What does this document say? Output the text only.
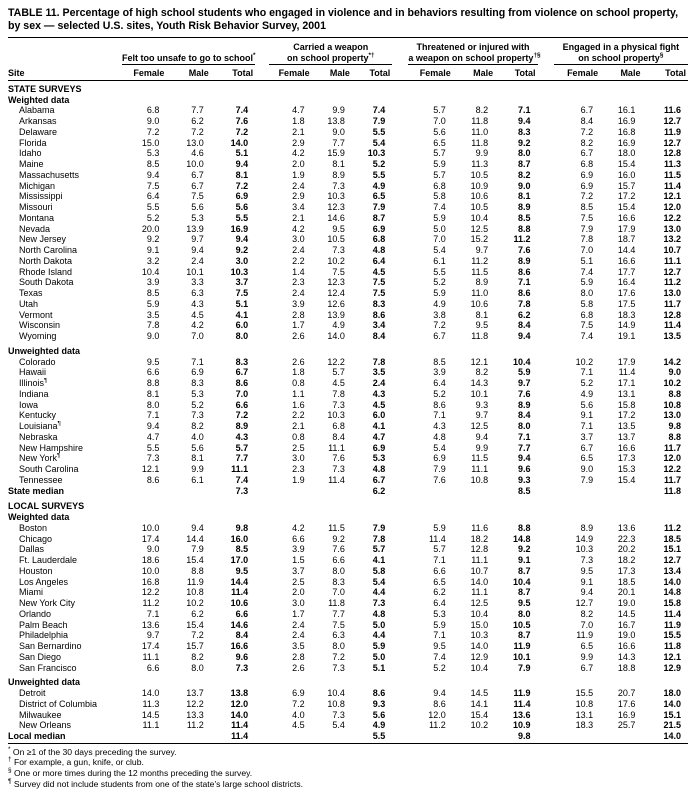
TABLE 11. Percentage of high school students who engaged in violence and in behaviors resulting from violence on school property, by sex — selected U.S. sites, Youth Risk Behavior Survey, 2001
	Felt too unsafe to go to school*				Carried a weapon
on school property*†				Threatened or injured with
a weapon on school property†§				Engaged in a physical fight
on school property§
Site	Female	Male	Total		Female	Male	Total		Female	Male	Total		Female	Male	Total
STATE SURVEYS															
Weighted data															
Alabama	6.8	7.7	7.4		4.7	9.9	7.4		5.7	8.2	7.1		6.7	16.1	11.6
Arkansas	9.0	6.2	7.6		1.8	13.8	7.9		7.0	11.8	9.4		8.4	16.9	12.7
Delaware	7.2	7.2	7.2		2.1	9.0	5.5		5.6	11.0	8.3		7.2	16.8	11.9
Florida	15.0	13.0	14.0		2.9	7.7	5.4		6.5	11.8	9.2		8.2	16.9	12.7
Idaho	5.3	4.6	5.1		4.2	15.9	10.3		5.7	9.9	8.0		6.7	18.0	12.8
Maine	8.5	10.0	9.4		2.0	8.1	5.2		5.9	11.3	8.7		6.8	15.4	11.3
Massachusetts	9.4	6.7	8.1		1.9	8.9	5.5		5.7	10.5	8.2		6.9	16.0	11.5
Michigan	7.5	6.7	7.2		2.4	7.3	4.9		6.8	10.9	9.0		6.9	15.7	11.4
Mississippi	6.4	7.5	6.9		2.9	10.3	6.5		5.8	10.6	8.1		7.2	17.2	12.1
Missouri	5.5	5.6	5.6		3.4	12.3	7.9		7.4	10.5	8.9		8.5	15.4	12.0
Montana	5.2	5.3	5.5		2.1	14.6	8.7		5.9	10.4	8.5		7.5	16.6	12.2
Nevada	20.0	13.9	16.9		4.2	9.5	6.9		5.0	12.5	8.8		7.9	17.9	13.0
New Jersey	9.2	9.7	9.4		3.0	10.5	6.8		7.0	15.2	11.2		7.8	18.7	13.2
North Carolina	9.1	9.4	9.2		2.4	7.3	4.8		5.4	9.7	7.6		7.0	14.4	10.7
North Dakota	3.2	2.4	3.0		2.2	10.2	6.4		6.1	11.2	8.9		5.1	16.6	11.1
Rhode Island	10.4	10.1	10.3		1.4	7.5	4.5		5.5	11.5	8.6		7.4	17.7	12.7
South Dakota	3.9	3.3	3.7		2.3	12.3	7.5		5.2	8.9	7.1		5.9	16.4	11.2
Texas	8.5	6.3	7.5		2.4	12.4	7.5		5.9	11.0	8.6		8.0	17.6	13.0
Utah	5.9	4.3	5.1		3.9	12.6	8.3		4.9	10.6	7.8		5.8	17.5	11.7
Vermont	3.5	4.5	4.1		2.8	13.9	8.6		3.8	8.1	6.2		6.8	18.3	12.8
Wisconsin	7.8	4.2	6.0		1.7	4.9	3.4		7.2	9.5	8.4		7.5	14.9	11.4
Wyoming	9.0	7.0	8.0		2.6	14.0	8.4		6.7	11.8	9.4		7.4	19.1	13.5
Unweighted data															
Colorado	9.5	7.1	8.3		2.6	12.2	7.8		8.5	12.1	10.4		10.2	17.9	14.2
Hawaii	6.6	6.9	6.7		1.8	5.7	3.5		3.9	8.2	5.9		7.1	11.4	9.0
Illinois¶	8.8	8.3	8.6		0.8	4.5	2.4		6.4	14.3	9.7		5.2	17.1	10.2
Indiana	8.1	5.3	7.0		1.1	7.8	4.3		5.2	10.1	7.6		4.9	13.1	8.8
Iowa	8.0	5.2	6.6		1.6	7.3	4.5		8.6	9.3	8.9		5.6	15.8	10.8
Kentucky	7.1	7.3	7.2		2.2	10.3	6.0		7.1	9.7	8.4		9.1	17.2	13.0
Louisiana¶	9.4	8.2	8.9		2.1	6.8	4.1		4.3	12.5	8.0		7.1	13.5	9.8
Nebraska	4.7	4.0	4.3		0.8	8.4	4.7		4.8	9.4	7.1		3.7	13.7	8.8
New Hampshire	5.5	5.6	5.7		2.5	11.1	6.9		5.4	9.9	7.7		6.7	16.6	11.7
New York¶	7.3	8.1	7.7		3.0	7.6	5.3		6.9	11.5	9.4		6.5	17.3	12.0
South Carolina	12.1	9.9	11.1		2.3	7.3	4.8		7.9	11.1	9.6		9.0	15.3	12.2
Tennessee	8.6	6.1	7.4		1.9	11.4	6.7		7.6	10.8	9.3		7.9	15.4	11.7
State median			7.3				6.2				8.5				11.8
LOCAL SURVEYS															
Weighted data															
Boston	10.0	9.4	9.8		4.2	11.5	7.9		5.9	11.6	8.8		8.9	13.6	11.2
Chicago	17.4	14.4	16.0		6.6	9.2	7.8		11.4	18.2	14.8		14.9	22.3	18.5
Dallas	9.0	7.9	8.5		3.9	7.6	5.7		5.7	12.8	9.2		10.3	20.2	15.1
Ft. Lauderdale	18.6	15.4	17.0		1.5	6.6	4.1		7.1	11.1	9.1		7.3	18.2	12.7
Houston	10.0	8.8	9.5		3.7	8.0	5.8		6.6	10.7	8.7		9.5	17.3	13.4
Los Angeles	16.8	11.9	14.4		2.5	8.3	5.4		6.5	14.0	10.4		9.1	18.5	14.0
Miami	12.2	10.8	11.4		2.0	7.0	4.4		6.2	11.1	8.7		9.4	20.1	14.8
New York City	11.2	10.2	10.6		3.0	11.8	7.3		6.4	12.5	9.5		12.7	19.0	15.8
Orlando	7.1	6.2	6.6		1.7	7.7	4.8		5.3	10.4	8.0		8.2	14.5	11.4
Palm Beach	13.6	15.4	14.6		2.4	7.5	5.0		5.9	15.0	10.5		7.0	16.7	11.9
Philadelphia	9.7	7.2	8.4		2.4	6.3	4.4		7.1	10.3	8.7		11.9	19.0	15.5
San Bernardino	17.4	15.7	16.6		3.5	8.0	5.9		9.5	14.0	11.9		6.5	16.6	11.8
San Diego	11.1	8.2	9.6		2.8	7.2	5.0		7.4	12.9	10.1		9.9	14.3	12.1
San Francisco	6.6	8.0	7.3		2.6	7.3	5.1		5.2	10.4	7.9		6.7	18.8	12.9
Unweighted data															
Detroit	14.0	13.7	13.8		6.9	10.4	8.6		9.4	14.5	11.9		15.5	20.7	18.0
District of Columbia	11.3	12.2	12.0		7.2	10.8	9.3		8.6	14.1	11.4		10.8	17.6	14.0
Milwaukee	14.5	13.3	14.0		4.0	7.3	5.6		12.0	15.4	13.6		13.1	16.9	15.1
New Orleans	11.1	11.2	11.4		4.5	5.4	4.9		11.2	10.2	10.9		18.3	25.7	21.5
Local median			11.4				5.5				9.8				14.0
* On ≥1 of the 30 days preceding the survey.
† For example, a gun, knife, or club.
§ One or more times during the 12 months preceding the survey.
¶ Survey did not include students from one of the state's large school districts.
